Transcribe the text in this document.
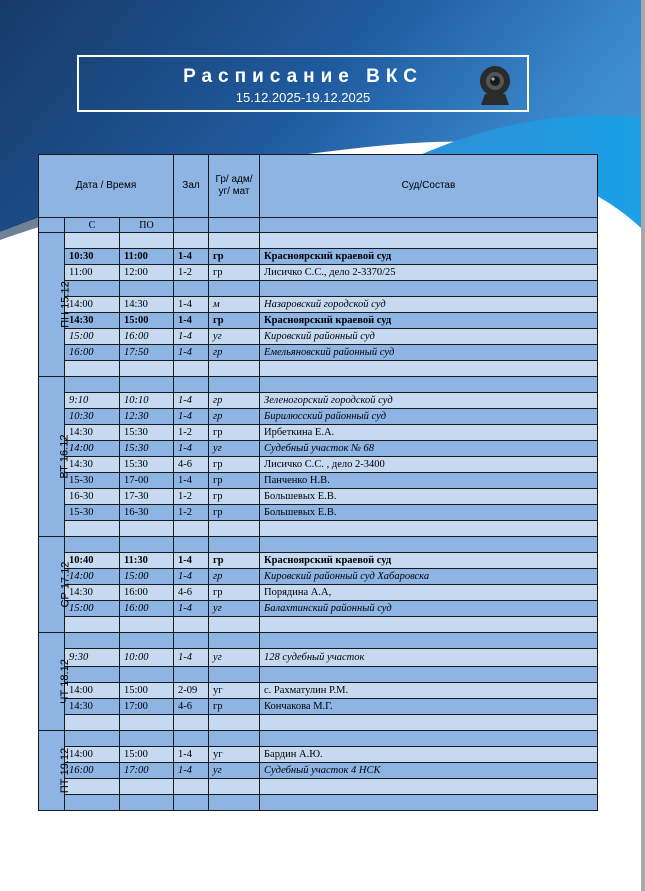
Расписание ВКС
15.12.2025-19.12.2025
Дата / Время			Зал	Гр/ адм/уг/ мат	Суд/Состав
	С	ПО			
ПН 15.12					
	10:30	11:00	1-4	гр	Красноярский краевой суд
	11:00	12:00	1-2	гр	Лисичко С.С., дело 2-3370/25

	14:00	14:30	1-4	м	Назаровский городской суд
	14:30	15:00	1-4	гр	Красноярский краевой суд
	15:00	16:00	1-4	уг	Кировский районный суд
	16:00	17:50	1-4	гр	Емельяновский районный суд

ВТ 16.12					
	9:10	10:10	1-4	гр	Зеленогорский городской суд
	10:30	12:30	1-4	гр	Бирилюсский районный суд
	14:30	15:30	1-2	гр	Ирбеткина Е.А.
	14:00	15:30	1-4	уг	Судебный участок № 68
	14:30	15:30	4-6	гр	Лисичко С.С. , дело 2-3400
	15-30	17-00	1-4	гр	Панченко Н.В.
	16-30	17-30	1-2	гр	Большевых Е.В.
	15-30	16-30	1-2	гр	Большевых Е.В.

СР 17.12					
	10:40	11:30	1-4	гр	Красноярский краевой суд
	14:00	15:00	1-4	гр	Кировский районный суд Хабаровска
	14:30	16:00	4-6	гр	Порядина А.А,
	15:00	16:00	1-4	уг	Балахтинский районный суд

ЧТ 18.12					
	9:30	10:00	1-4	уг	128 судебный участок

	14:00	15:00	2-09	уг	с. Рахматулин Р.М.
	14:30	17:00	4-6	гр	Кончакова М.Г.

ПТ 19.12					
	14:00	15:00	1-4	уг	Бардин А.Ю.
	16:00	17:00	1-4	уг	Судебный участок 4 НСК
